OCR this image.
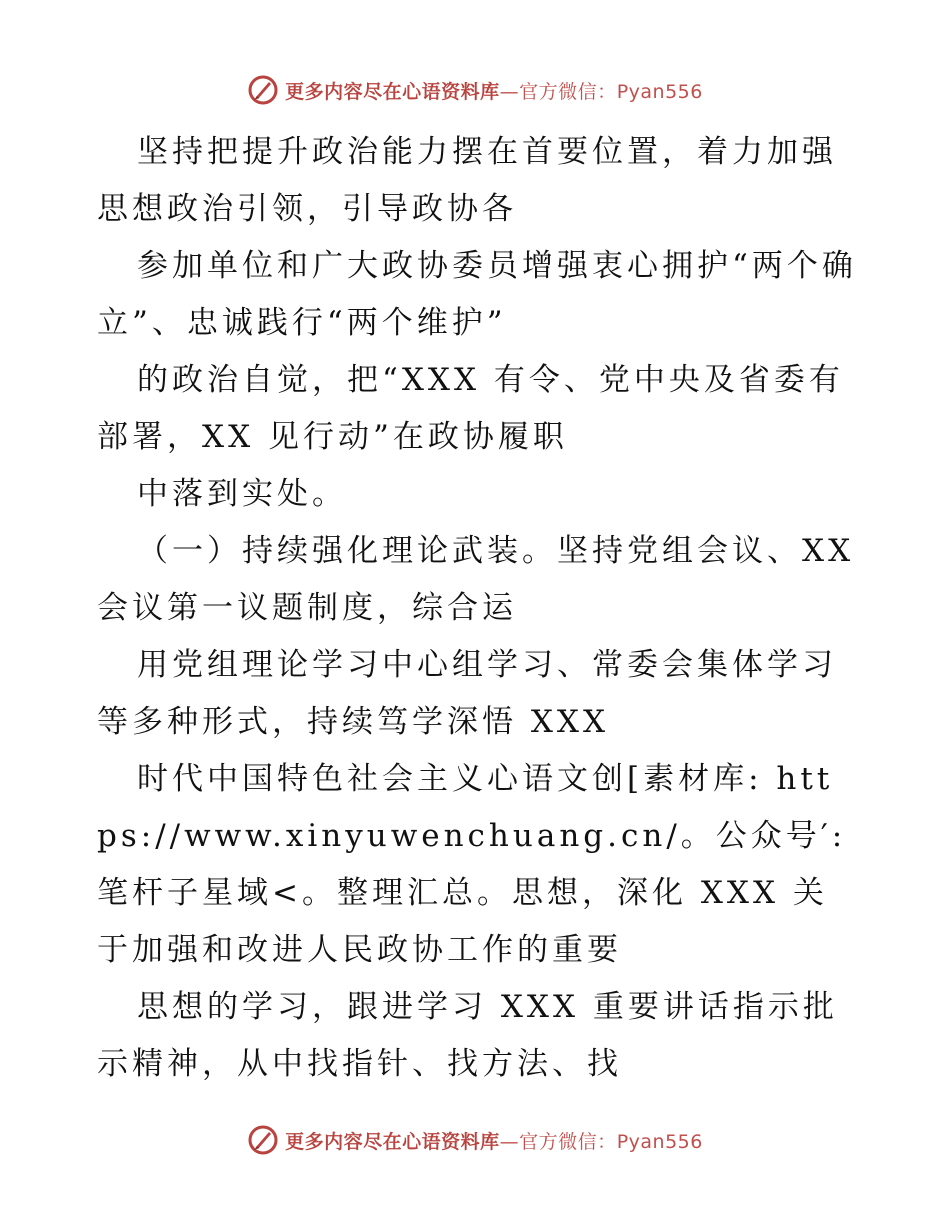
更多内容尽在心语资料库—官方微信：Pyan556

坚持把提升政治能力摆在首要位置，着力加强思想政治引领，引导政协各

参加单位和广大政协委员增强衷心拥护“两个确立”、忠诚践行“两个维护”

的政治自觉，把“XXX 有令、党中央及省委有部署，XX 见行动”在政协履职

中落到实处。

（一）持续强化理论武装。坚持党组会议、XX 会议第一议题制度，综合运

用党组理论学习中心组学习、常委会集体学习等多种形式，持续笃学深悟 XXX

时代中国特色社会主义心语文创[素材库: https://www.xinyuwenchuang.cn/。公众号′: 笔杆子星域<。整理汇总。思想，深化 XXX 关于加强和改进人民政协工作的重要

思想的学习，跟进学习 XXX 重要讲话指示批示精神，从中找指针、找方法、找

更多内容尽在心语资料库—官方微信：Pyan556
